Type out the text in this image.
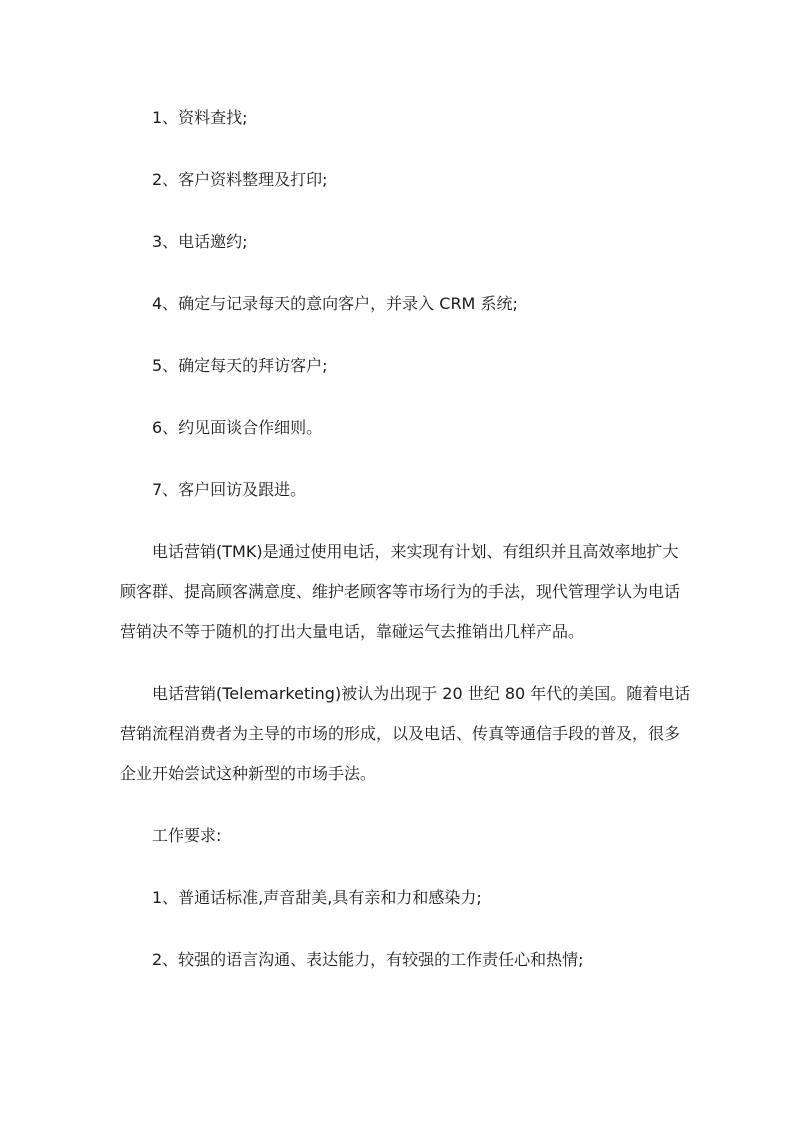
1、资料查找;

2、客户资料整理及打印;

3、电话邀约;

4、确定与记录每天的意向客户，并录入 CRM 系统;

5、确定每天的拜访客户;

6、约见面谈合作细则。

7、客户回访及跟进。

电话营销(TMK)是通过使用电话，来实现有计划、有组织并且高效率地扩大

顾客群、提高顾客满意度、维护老顾客等市场行为的手法，现代管理学认为电话

营销决不等于随机的打出大量电话，靠碰运气去推销出几样产品。

电话营销(Telemarketing)被认为出现于 20 世纪 80 年代的美国。随着电话

营销流程消费者为主导的市场的形成，以及电话、传真等通信手段的普及，很多

企业开始尝试这种新型的市场手法。

工作要求:

1、普通话标准,声音甜美,具有亲和力和感染力;

2、较强的语言沟通、表达能力，有较强的工作责任心和热情;
